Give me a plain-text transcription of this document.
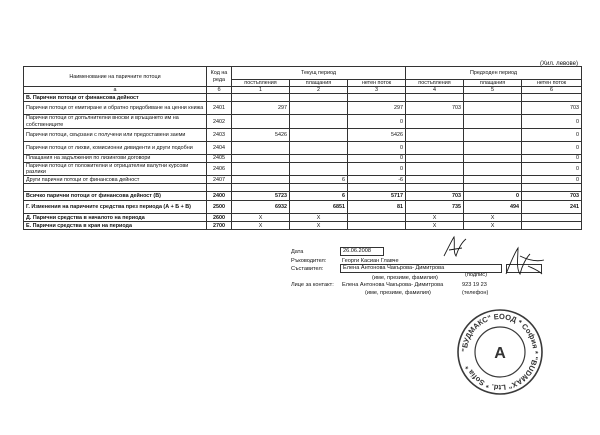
(Хил. левове)
Наименование на паричните потоци	Код на реда	Текущ период			Предходен период		
		постъпления	плащания	нетен поток	постъпления	плащания	нетен поток
а	б	1	2	3	4	5	6
В. Парични потоци от финансова дейност							
Парични потоци от емитиране и обратно придобиване на ценни книжа	2401	297		297	703		703
Парични потоци от допълнителни вноски и връщането им на собствениците	2402			0			0
Парични потоци, свързани с получени или предоставени заеми	2403	5426		5426			0
Парични потоци от лихви, комисионни дивиденти и други подобни	2404			0			0
Плащания на задължения по лизингови договори	2405			0			0
Парични потоци от положителни и отрицателни валутни курсови разлики	2406			0			0
Други парични потоци от финансова дейност	2407		6	-6			0

Всичко парични потоци от финансова дейност (В)	2400	5723	6	5717	703	0	703
Г. Изменения на паричните средства през периода (А + Б + В)	2500	6932	6851	81	735	494	241
Д. Парични средства в началото на периода	2600	X	X		X	X	
Е. Парични средства в края на периода	2700	X	X		X	X	
Дата	26.06.2008
Ръководител:	Георги Касиан Главче
Съставител:	Елена Антонова Чакърова- Димитрова
(име, презиме, фамилия)	(подпис)
Лице за контакт: Елена Антонова Чакърова- Димитрова	923 19 23
(име, презиме, фамилия)	(телефон)
"БУДМАКС" ЕООД * София * "BUDMAX" Ltd. * Sofia *
A
